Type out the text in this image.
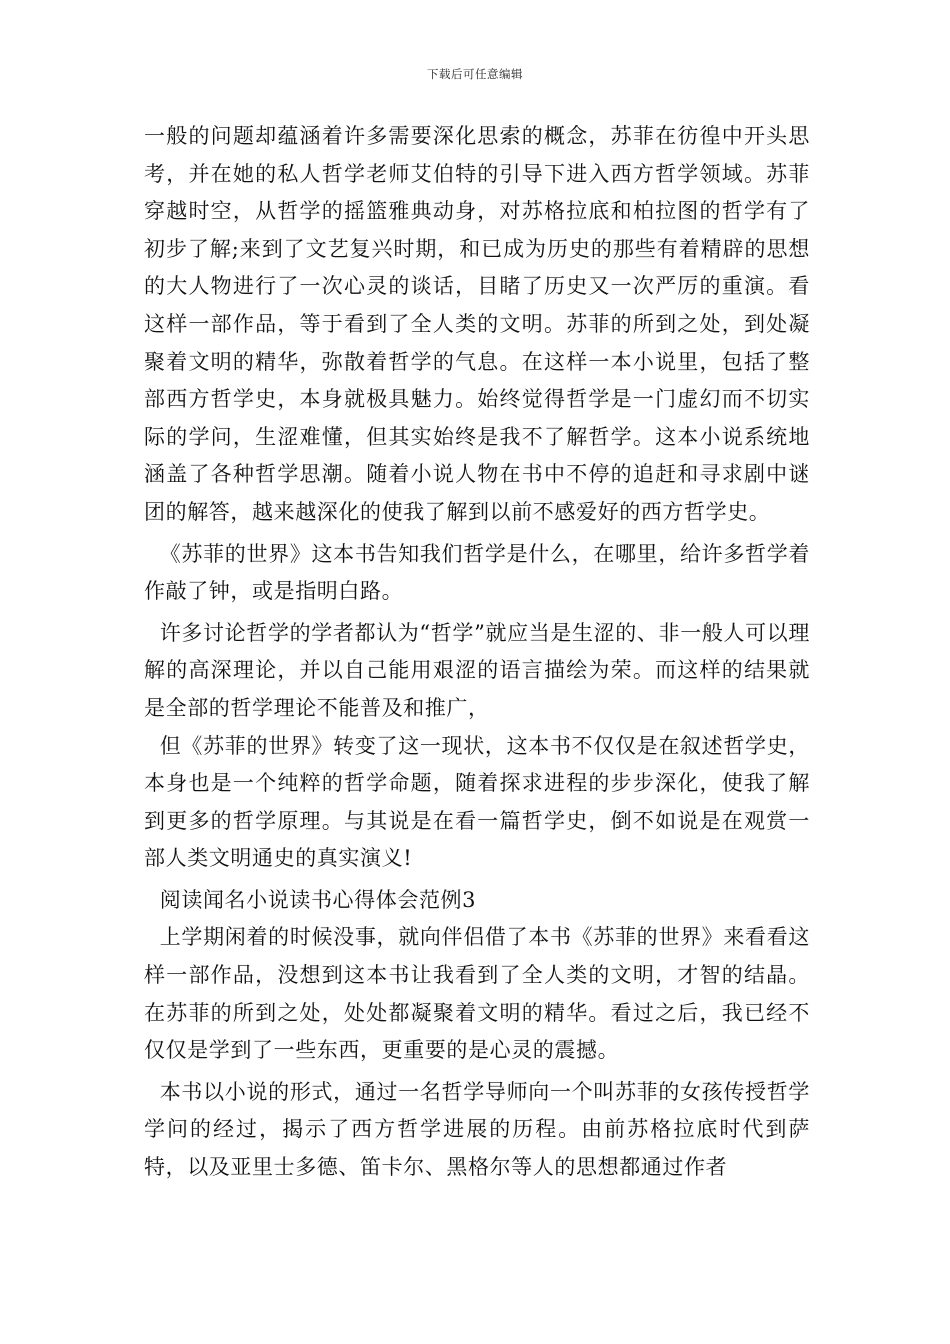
下载后可任意编辑

一般的问题却蕴涵着许多需要深化思索的概念，苏菲在彷徨中开头思考，并在她的私人哲学老师艾伯特的引导下进入西方哲学领域。苏菲穿越时空，从哲学的摇篮雅典动身，对苏格拉底和柏拉图的哲学有了初步了解;来到了文艺复兴时期，和已成为历史的那些有着精辟的思想的大人物进行了一次心灵的谈话，目睹了历史又一次严厉的重演。看这样一部作品，等于看到了全人类的文明。苏菲的所到之处，到处凝聚着文明的精华，弥散着哲学的气息。在这样一本小说里，包括了整部西方哲学史，本身就极具魅力。始终觉得哲学是一门虚幻而不切实际的学问，生涩难懂，但其实始终是我不了解哲学。这本小说系统地涵盖了各种哲学思潮。随着小说人物在书中不停的追赶和寻求剧中谜团的解答，越来越深化的使我了解到以前不感爱好的西方哲学史。

《苏菲的世界》这本书告知我们哲学是什么，在哪里，给许多哲学着作敲了钟，或是指明白路。

许多讨论哲学的学者都认为“哲学”就应当是生涩的、非一般人可以理解的高深理论，并以自己能用艰涩的语言描绘为荣。而这样的结果就是全部的哲学理论不能普及和推广，

但《苏菲的世界》转变了这一现状，这本书不仅仅是在叙述哲学史，本身也是一个纯粹的哲学命题，随着探求进程的步步深化，使我了解到更多的哲学原理。与其说是在看一篇哲学史，倒不如说是在观赏一部人类文明通史的真实演义!

阅读闻名小说读书心得体会范例3

上学期闲着的时候没事，就向伴侣借了本书《苏菲的世界》来看看这样一部作品，没想到这本书让我看到了全人类的文明，才智的结晶。在苏菲的所到之处，处处都凝聚着文明的精华。看过之后，我已经不仅仅是学到了一些东西，更重要的是心灵的震撼。

本书以小说的形式，通过一名哲学导师向一个叫苏菲的女孩传授哲学学问的经过，揭示了西方哲学进展的历程。由前苏格拉底时代到萨特，以及亚里士多德、笛卡尔、黑格尔等人的思想都通过作者
